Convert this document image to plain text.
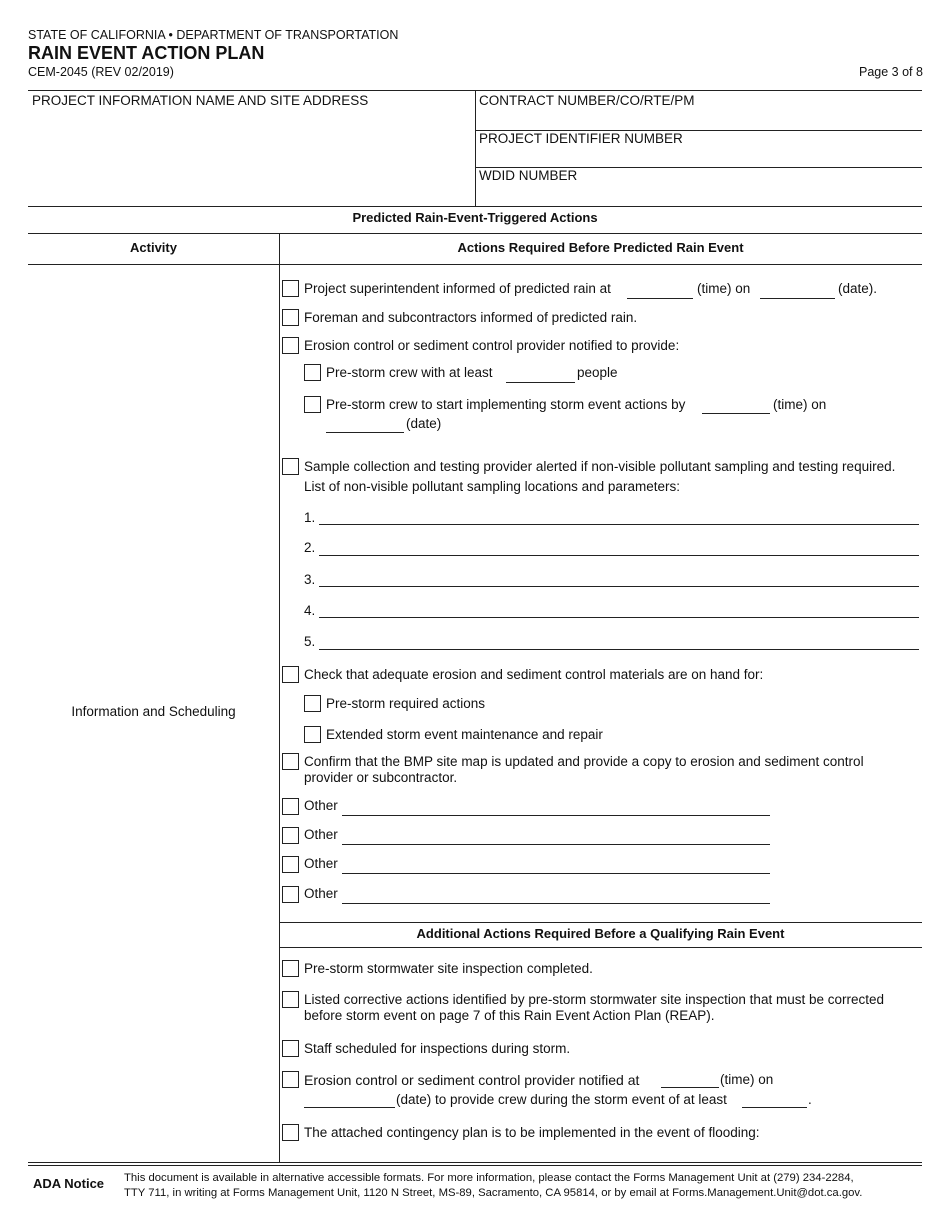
STATE OF CALIFORNIA • DEPARTMENT OF TRANSPORTATION
RAIN EVENT ACTION PLAN
CEM-2045 (REV 02/2019)	Page 3 of 8
PROJECT INFORMATION NAME AND SITE ADDRESS	CONTRACT NUMBER/CO/RTE/PM
PROJECT IDENTIFIER NUMBER
WDID NUMBER
Predicted Rain-Event-Triggered Actions
Activity	Actions Required Before Predicted Rain Event
Information and Scheduling
Project superintendent informed of predicted rain at	(time) on	(date).
Foreman and subcontractors informed of predicted rain.
Erosion control or sediment control provider notified to provide:
Pre-storm crew with at least	people
Pre-storm crew to start implementing storm event actions by	(time) on
(date)
Sample collection and testing provider alerted if non-visible pollutant sampling and testing required.
List of non-visible pollutant sampling locations and parameters:
1.
2.
3.
4.
5.
Check that adequate erosion and sediment control materials are on hand for:
Pre-storm required actions
Extended storm event maintenance and repair
Confirm that the BMP site map is updated and provide a copy to erosion and sediment control
provider or subcontractor.
Other
Other
Other
Other
Additional Actions Required Before a Qualifying Rain Event
Pre-storm stormwater site inspection completed.
Listed corrective actions identified by pre-storm stormwater site inspection that must be corrected
before storm event on page 7 of this Rain Event Action Plan (REAP).
Staff scheduled for inspections during storm.
Erosion control or sediment control provider notified at	(time) on
(date) to provide crew during the storm event of at least	.
The attached contingency plan is to be implemented in the event of flooding:
ADA Notice This document is available in alternative accessible formats. For more information, please contact the Forms Management Unit at (279) 234-2284,
TTY 711, in writing at Forms Management Unit, 1120 N Street, MS-89, Sacramento, CA 95814, or by email at Forms.Management.Unit@dot.ca.gov.
